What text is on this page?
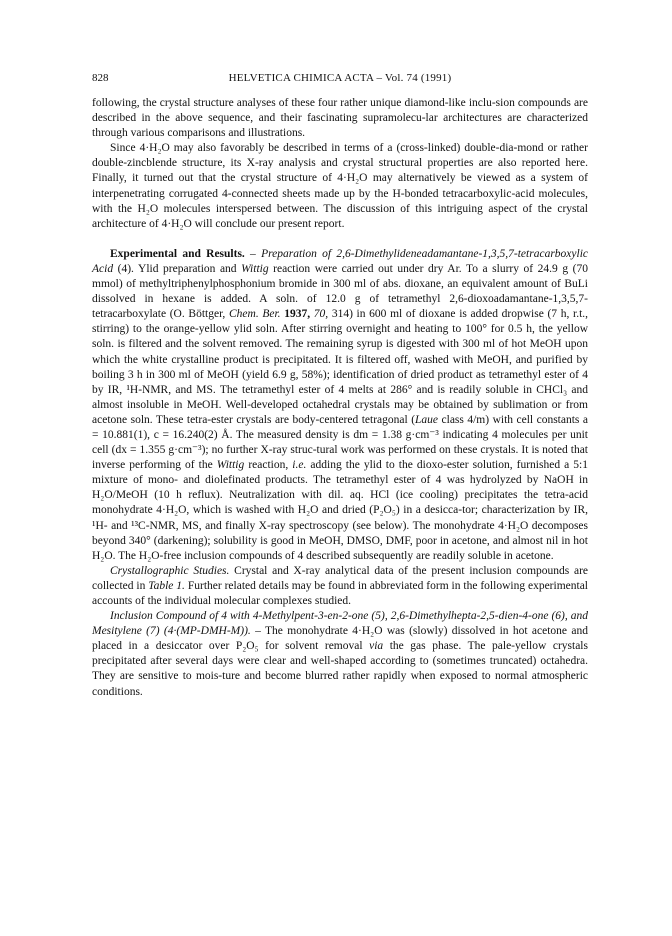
828	HELVETICA CHIMICA ACTA – Vol. 74 (1991)

following, the crystal structure analyses of these four rather unique diamond-like inclu-sion compounds are described in the above sequence, and their fascinating supramolecu-lar architectures are characterized through various comparisons and illustrations.

Since 4·H₂O may also favorably be described in terms of a (cross-linked) double-dia-mond or rather double-zincblende structure, its X-ray analysis and crystal structural properties are also reported here. Finally, it turned out that the crystal structure of 4·H₂O may alternatively be viewed as a system of interpenetrating corrugated 4-connected sheets made up by the H-bonded tetracarboxylic-acid molecules, with the H₂O molecules interspersed between. The discussion of this intriguing aspect of the crystal architecture of 4·H₂O will conclude our present report.

Experimental and Results. – Preparation of 2,6-Dimethylideneadamantane-1,3,5,7-tetracarboxylic Acid (4). Ylid preparation and Wittig reaction were carried out under dry Ar. To a slurry of 24.9 g (70 mmol) of methyltriphenylphosphonium bromide in 300 ml of abs. dioxane, an equivalent amount of BuLi dissolved in hexane is added. A soln. of 12.0 g of tetramethyl 2,6-dioxoadamantane-1,3,5,7-tetracarboxylate (O. Böttger, Chem. Ber. 1937, 70, 314) in 600 ml of dioxane is added dropwise (7 h, r.t., stirring) to the orange-yellow ylid soln. After stirring overnight and heating to 100° for 0.5 h, the yellow soln. is filtered and the solvent removed. The remaining syrup is digested with 300 ml of hot MeOH upon which the white crystalline product is precipitated. It is filtered off, washed with MeOH, and purified by boiling 3 h in 300 ml of MeOH (yield 6.9 g, 58%); identification of dried product as tetramethyl ester of 4 by IR, ¹H-NMR, and MS. The tetramethyl ester of 4 melts at 286° and is readily soluble in CHCl₃ and almost insoluble in MeOH. Well-developed octahedral crystals may be obtained by sublimation or from acetone soln. These tetra-ester crystals are body-centered tetragonal (Laue class 4/m) with cell constants a = 10.881(1), c = 16.240(2) Å. The measured density is dm = 1.38 g·cm⁻³ indicating 4 molecules per unit cell (dx = 1.355 g·cm⁻³); no further X-ray struc-tural work was performed on these crystals. It is noted that inverse performing of the Wittig reaction, i.e. adding the ylid to the dioxo-ester solution, furnished a 5:1 mixture of mono- and diolefinated products. The tetramethyl ester of 4 was hydrolyzed by NaOH in H₂O/MeOH (10 h reflux). Neutralization with dil. aq. HCl (ice cooling) precipitates the tetra-acid monohydrate 4·H₂O, which is washed with H₂O and dried (P₂O₅) in a desicca-tor; characterization by IR, ¹H- and ¹³C-NMR, MS, and finally X-ray spectroscopy (see below). The monohydrate 4·H₂O decomposes beyond 340° (darkening); solubility is good in MeOH, DMSO, DMF, poor in acetone, and almost nil in hot H₂O. The H₂O-free inclusion compounds of 4 described subsequently are readily soluble in acetone.

Crystallographic Studies. Crystal and X-ray analytical data of the present inclusion compounds are collected in Table 1. Further related details may be found in abbreviated form in the following experimental accounts of the individual molecular complexes studied.

Inclusion Compound of 4 with 4-Methylpent-3-en-2-one (5), 2,6-Dimethylhepta-2,5-dien-4-one (6), and Mesitylene (7) (4·(MP-DMH-M)). – The monohydrate 4·H₂O was (slowly) dissolved in hot acetone and placed in a desiccator over P₂O₅ for solvent removal via the gas phase. The pale-yellow crystals precipitated after several days were clear and well-shaped according to (sometimes truncated) octahedra. They are sensitive to mois-ture and become blurred rather rapidly when exposed to normal atmospheric conditions.
